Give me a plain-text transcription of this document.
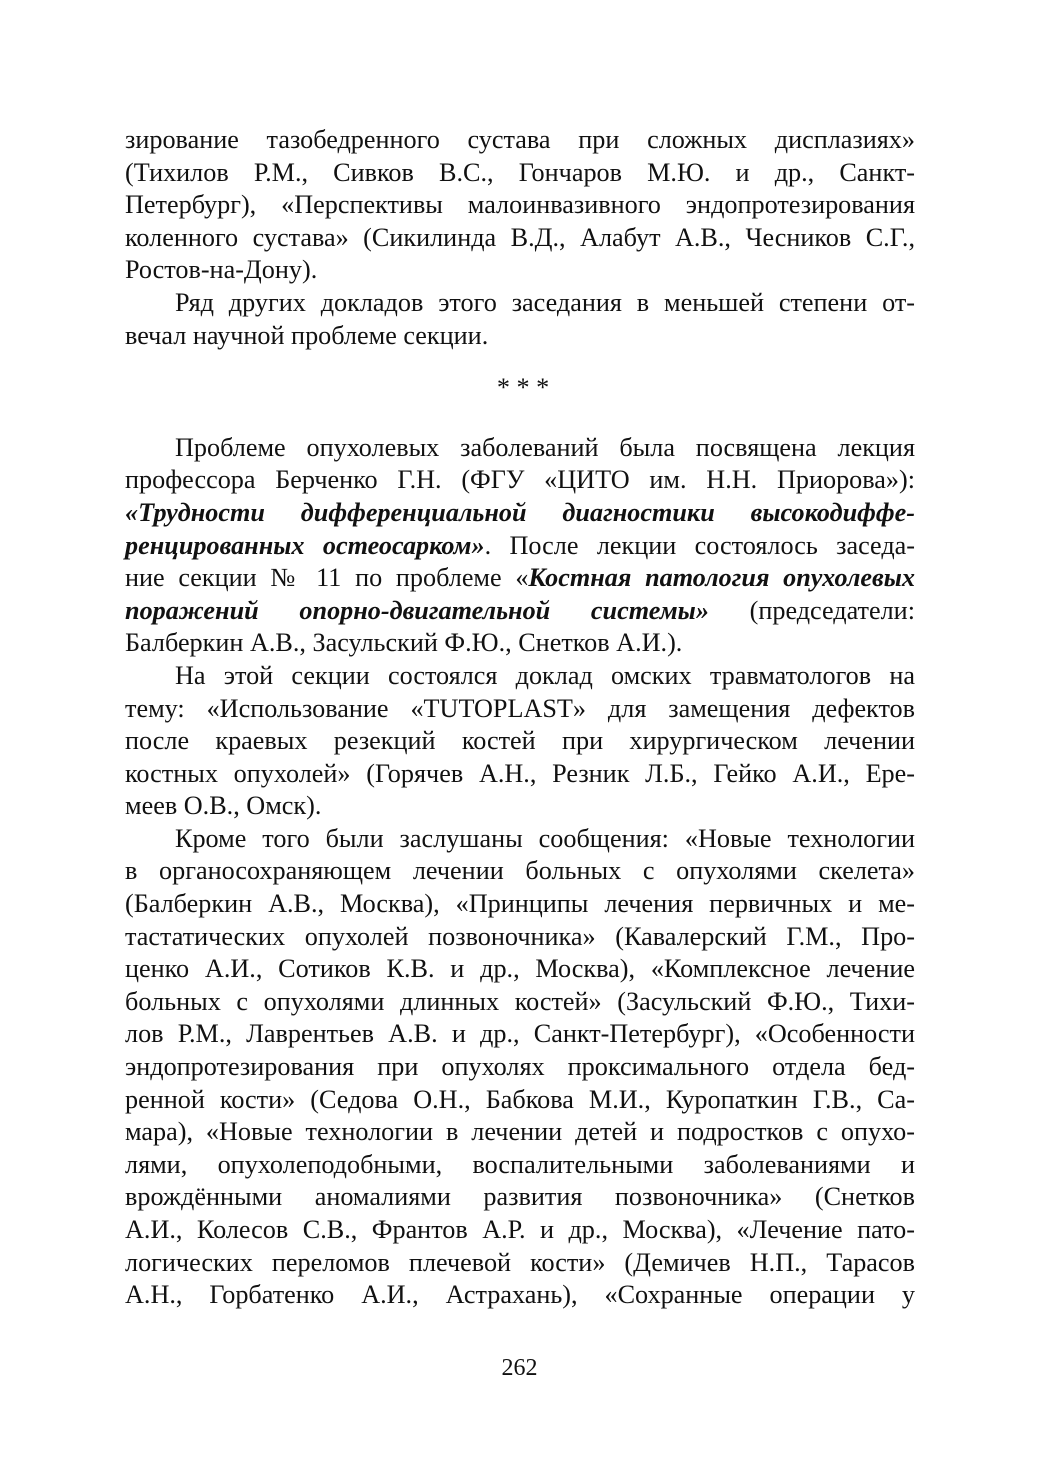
зирование тазобедренного сустава при сложных дисплазиях»
(Тихилов Р.М., Сивков В.С., Гончаров М.Ю. и др., Санкт-
Петербург), «Перспективы малоинвазивного эндопротезирования
коленного сустава» (Сикилинда В.Д., Алабут А.В., Чесников С.Г.,
Ростов-на-Дону).
Ряд других докладов этого заседания в меньшей степени от-
вечал научной проблеме секции.
* * *
Проблеме опухолевых заболеваний была посвящена лекция
профессора Берченко Г.Н. (ФГУ «ЦИТО им. Н.Н. Приорова»):
«Трудности дифференциальной диагностики высокодиффе-
ренцированных остеосарком». После лекции состоялось заседа-
ние секции № 11 по проблеме «Костная патология опухолевых
поражений опорно-двигательной системы» (председатели:
Балберкин А.В., Засульский Ф.Ю., Снетков А.И.).
На этой секции состоялся доклад омских травматологов на
тему: «Использование «TUTOPLAST» для замещения дефектов
после краевых резекций костей при хирургическом лечении
костных опухолей» (Горячев А.Н., Резник Л.Б., Гейко А.И., Ере-
меев О.В., Омск).
Кроме того были заслушаны сообщения: «Новые технологии
в органосохраняющем лечении больных с опухолями скелета»
(Балберкин А.В., Москва), «Принципы лечения первичных и ме-
тастатических опухолей позвоночника» (Кавалерский Г.М., Про-
ценко А.И., Сотиков К.В. и др., Москва), «Комплексное лечение
больных с опухолями длинных костей» (Засульский Ф.Ю., Тихи-
лов Р.М., Лаврентьев А.В. и др., Санкт-Петербург), «Особенности
эндопротезирования при опухолях проксимального отдела бед-
ренной кости» (Седова О.Н., Бабкова М.И., Куропаткин Г.В., Са-
мара), «Новые технологии в лечении детей и подростков с опухо-
лями, опухолеподобными, воспалительными заболеваниями и
врождёнными аномалиями развития позвоночника» (Снетков
А.И., Колесов С.В., Франтов А.Р. и др., Москва), «Лечение пато-
логических переломов плечевой кости» (Демичев Н.П., Тарасов
А.Н., Горбатенко А.И., Астрахань), «Сохранные операции у
262
